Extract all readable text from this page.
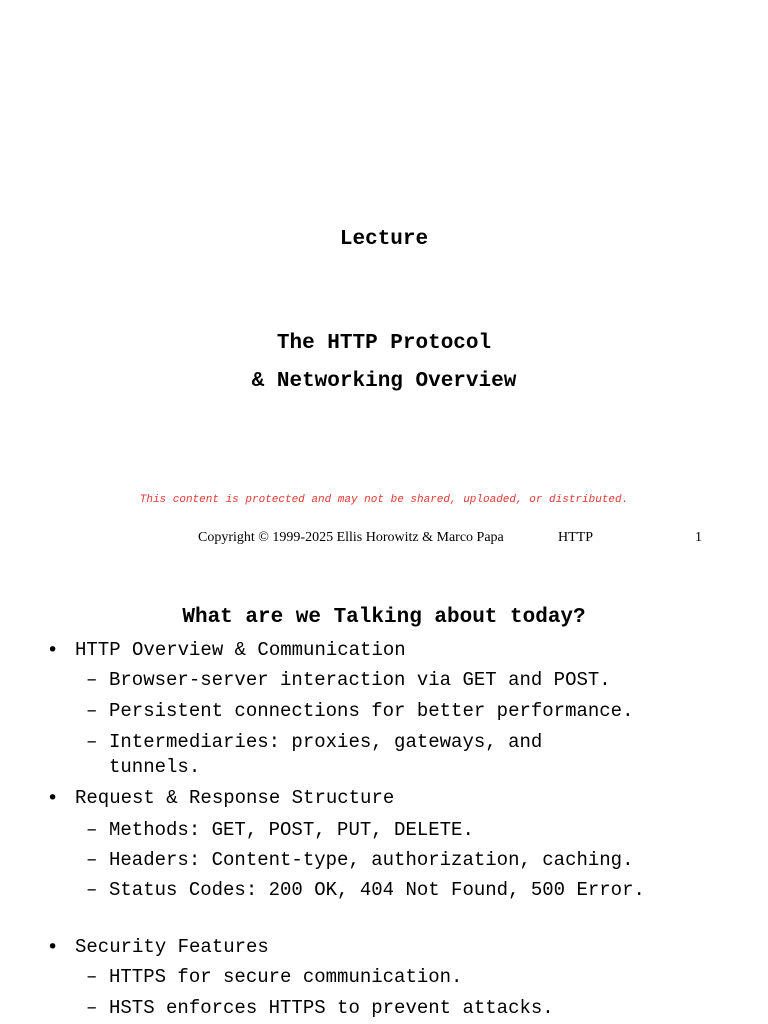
Lecture
The HTTP Protocol
& Networking Overview
This content is protected and may not be shared, uploaded, or distributed.
Copyright © 1999-2025 Ellis Horowitz & Marco Papa	HTTP	1
What are we Talking about today?
• HTTP Overview & Communication
– Browser-server interaction via GET and POST.
– Persistent connections for better performance.
– Intermediaries: proxies, gateways, and tunnels.
• Request & Response Structure
– Methods: GET, POST, PUT, DELETE.
– Headers: Content-type, authorization, caching.
– Status Codes: 200 OK, 404 Not Found, 500 Error.
• Security Features
– HTTPS for secure communication.
– HSTS enforces HTTPS to prevent attacks.
